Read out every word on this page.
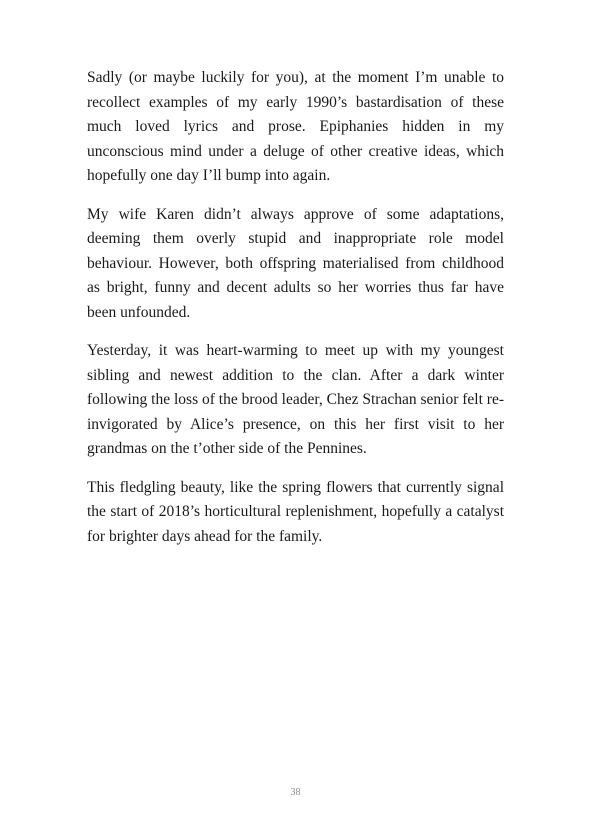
Sadly (or maybe luckily for you), at the moment I’m unable to recollect examples of my early 1990’s bastardisation of these much loved lyrics and prose. Epiphanies hidden in my unconscious mind under a deluge of other creative ideas, which hopefully one day I’ll bump into again.

My wife Karen didn’t always approve of some adaptations, deeming them overly stupid and inappropriate role model behaviour. However, both offspring materialised from childhood as bright, funny and decent adults so her worries thus far have been unfounded.

Yesterday, it was heart-warming to meet up with my youngest sibling and newest addition to the clan. After a dark winter following the loss of the brood leader, Chez Strachan senior felt re-invigorated by Alice’s presence, on this her first visit to her grandmas on the t’other side of the Pennines.

This fledgling beauty, like the spring flowers that currently signal the start of 2018’s horticultural replenishment, hopefully a catalyst for brighter days ahead for the family.

38
